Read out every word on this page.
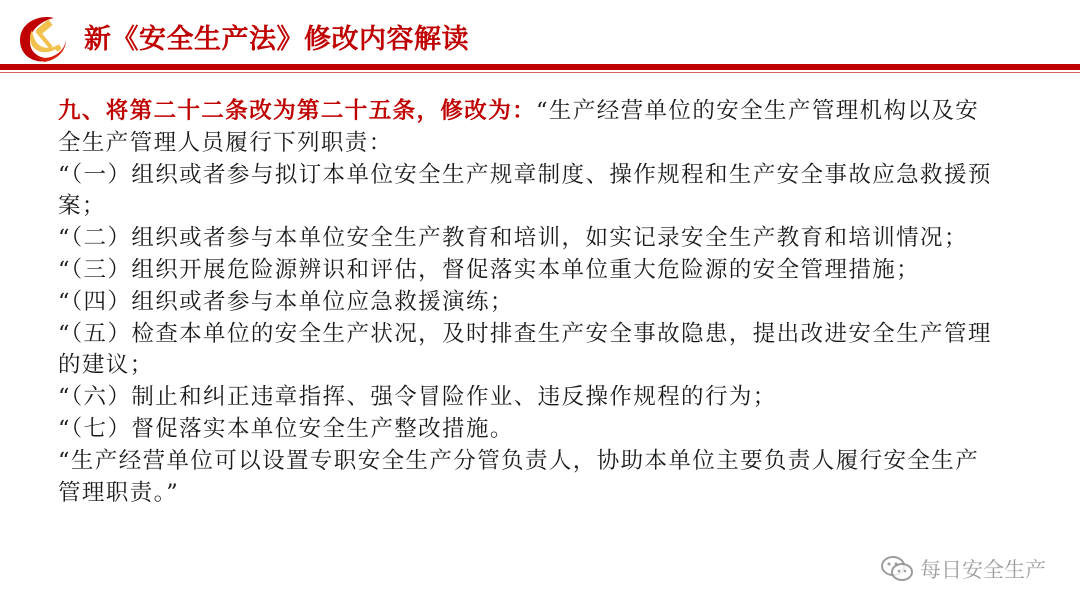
新《安全生产法》修改内容解读

九、将第二十二条改为第二十五条，修改为：“生产经营单位的安全生产管理机构以及安全生产管理人员履行下列职责：

“（一）组织或者参与拟订本单位安全生产规章制度、操作规程和生产安全事故应急救援预案；

“（二）组织或者参与本单位安全生产教育和培训，如实记录安全生产教育和培训情况；

“（三）组织开展危险源辨识和评估，督促落实本单位重大危险源的安全管理措施；

“（四）组织或者参与本单位应急救援演练；

“（五）检查本单位的安全生产状况，及时排查生产安全事故隐患，提出改进安全生产管理的建议；

“（六）制止和纠正违章指挥、强令冒险作业、违反操作规程的行为；

“（七）督促落实本单位安全生产整改措施。

“生产经营单位可以设置专职安全生产分管负责人，协助本单位主要负责人履行安全生产管理职责。”

每日安全生产
